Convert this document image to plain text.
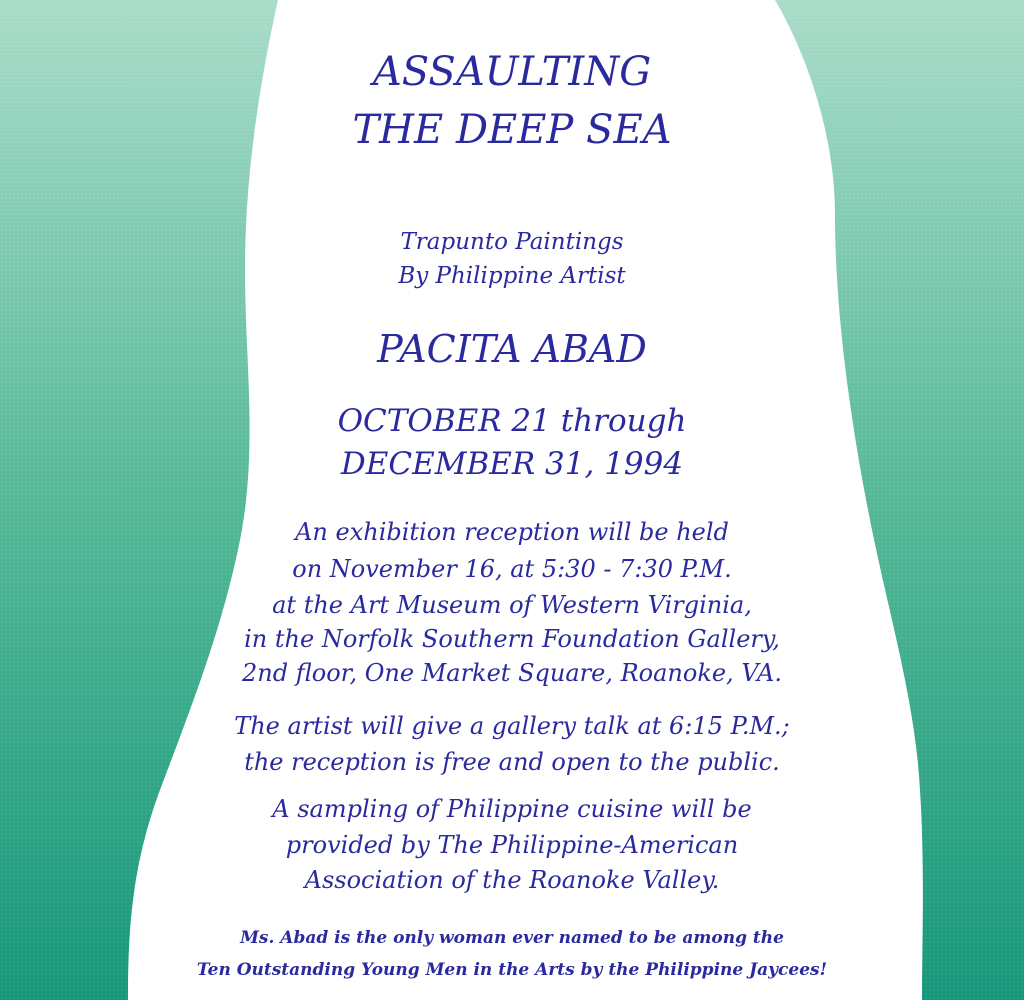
ASSAULTING
THE DEEP SEA
Trapunto Paintings
By Philippine Artist
PACITA ABAD
OCTOBER 21 through
DECEMBER 31, 1994
An exhibition reception will be held
on November 16, at 5:30 - 7:30 P.M.
at the Art Museum of Western Virginia,
in the Norfolk Southern Foundation Gallery,
2nd floor, One Market Square, Roanoke, VA.
The artist will give a gallery talk at 6:15 P.M.;
the reception is free and open to the public.
A sampling of Philippine cuisine will be
provided by The Philippine-American
Association of the Roanoke Valley.
Ms. Abad is the only woman ever named to be among the
Ten Outstanding Young Men in the Arts by the Philippine Jaycees!
